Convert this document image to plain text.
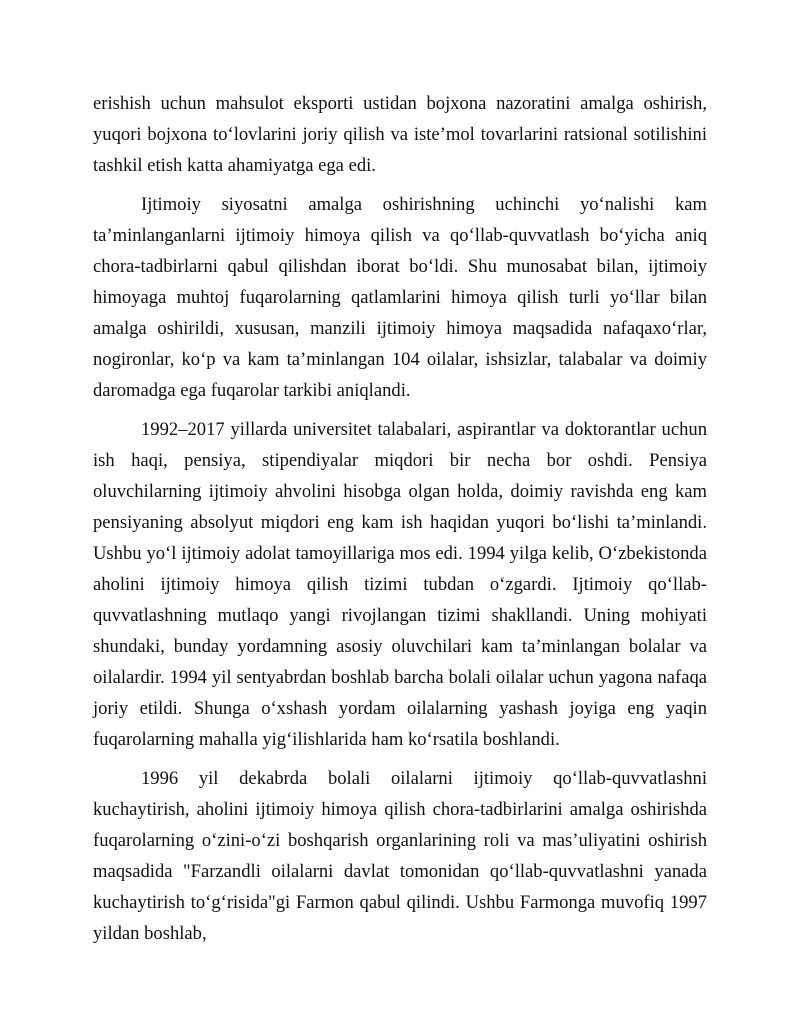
erishish uchun mahsulot eksporti ustidan bojxona nazoratini amalga oshirish, yuqori bojxona to‘lovlarini joriy qilish va iste’mol tovarlarini ratsional sotilishini tashkil etish katta ahamiyatga ega edi.

Ijtimoiy siyosatni amalga oshirishning uchinchi yo‘nalishi kam ta’minlanganlarni ijtimoiy himoya qilish va qo‘llab-quvvatlash bo‘yicha aniq chora-tadbirlarni qabul qilishdan iborat bo‘ldi. Shu munosabat bilan, ijtimoiy himoyaga muhtoj fuqarolarning qatlamlarini himoya qilish turli yo‘llar bilan amalga oshirildi, xususan, manzili ijtimoiy himoya maqsadida nafaqaxo‘rlar, nogironlar, ko‘p va kam ta’minlangan 104 oilalar, ishsizlar, talabalar va doimiy daromadga ega fuqarolar tarkibi aniqlandi.

1992–2017 yillarda universitet talabalari, aspirantlar va doktorantlar uchun ish haqi, pensiya, stipendiyalar miqdori bir necha bor oshdi. Pensiya oluvchilarning ijtimoiy ahvolini hisobga olgan holda, doimiy ravishda eng kam pensiyaning absolyut miqdori eng kam ish haqidan yuqori bo‘lishi ta’minlandi. Ushbu yo‘l ijtimoiy adolat tamoyillariga mos edi. 1994 yilga kelib, O‘zbekistonda aholini ijtimoiy himoya qilish tizimi tubdan o‘zgardi. Ijtimoiy qo‘llab-quvvatlashning mutlaqo yangi rivojlangan tizimi shakllandi. Uning mohiyati shundaki, bunday yordamning asosiy oluvchilari kam ta’minlangan bolalar va oilalardir. 1994 yil sentyabrdan boshlab barcha bolali oilalar uchun yagona nafaqa joriy etildi. Shunga o‘xshash yordam oilalarning yashash joyiga eng yaqin fuqarolarning mahalla yig‘ilishlarida ham ko‘rsatila boshlandi.

1996 yil dekabrda bolali oilalarni ijtimoiy qo‘llab-quvvatlashni kuchaytirish, aholini ijtimoiy himoya qilish chora-tadbirlarini amalga oshirishda fuqarolarning o‘zini-o‘zi boshqarish organlarining roli va mas’uliyatini oshirish maqsadida "Farzandli oilalarni davlat tomonidan qo‘llab-quvvatlashni yanada kuchaytirish to‘g‘risida"gi Farmon qabul qilindi. Ushbu Farmonga muvofiq 1997 yildan boshlab,
